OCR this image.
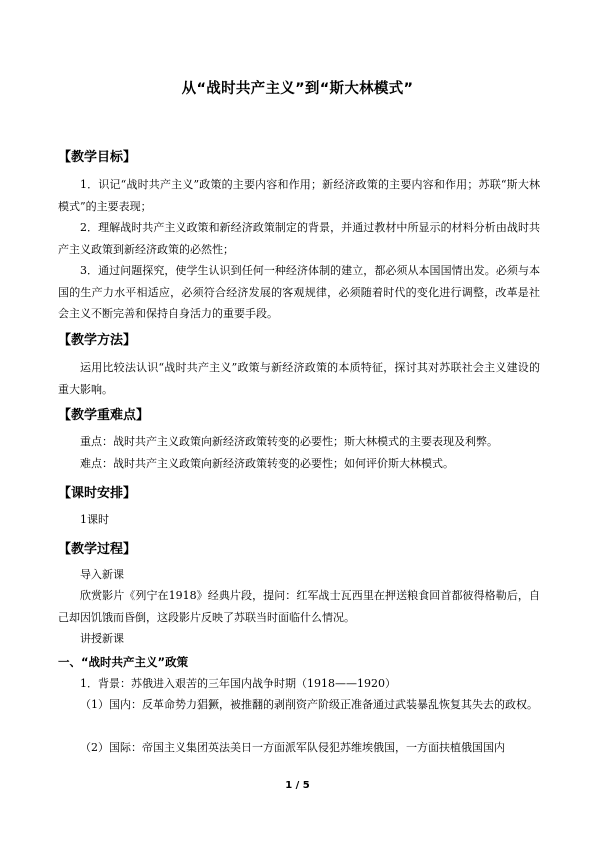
从“战时共产主义”到“斯大林模式”
【教学目标】

1．识记“战时共产主义”政策的主要内容和作用；新经济政策的主要内容和作用；苏联“斯大林模式”的主要表现；

2．理解战时共产主义政策和新经济政策制定的背景，并通过教材中所显示的材料分析由战时共产主义政策到新经济政策的必然性；

3．通过问题探究，使学生认识到任何一种经济体制的建立，都必须从本国国情出发。必须与本国的生产力水平相适应，必须符合经济发展的客观规律，必须随着时代的变化进行调整，改革是社会主义不断完善和保持自身活力的重要手段。

【教学方法】

运用比较法认识“战时共产主义”政策与新经济政策的本质特征，探讨其对苏联社会主义建设的重大影响。

【教学重难点】
重点：战时共产主义政策向新经济政策转变的必要性；斯大林模式的主要表现及利弊。
难点：战时共产主义政策向新经济政策转变的必要性；如何评价斯大林模式。
【课时安排】
1课时
【教学过程】
导入新课

欣赏影片《列宁在1918》经典片段，提问：红军战士瓦西里在押送粮食回首都彼得格勒后，自己却因饥饿而昏倒，这段影片反映了苏联当时面临什么情况。

讲授新课
一、“战时共产主义”政策
1．背景：苏俄进入艰苦的三年国内战争时期（1918——1920）

（1）国内：反革命势力猖獗，被推翻的剥削资产阶级正准备通过武装暴乱恢复其失去的政权。

（2）国际：帝国主义集团英法美日一方面派军队侵犯苏维埃俄国，一方面扶植俄国国内
1 / 5
